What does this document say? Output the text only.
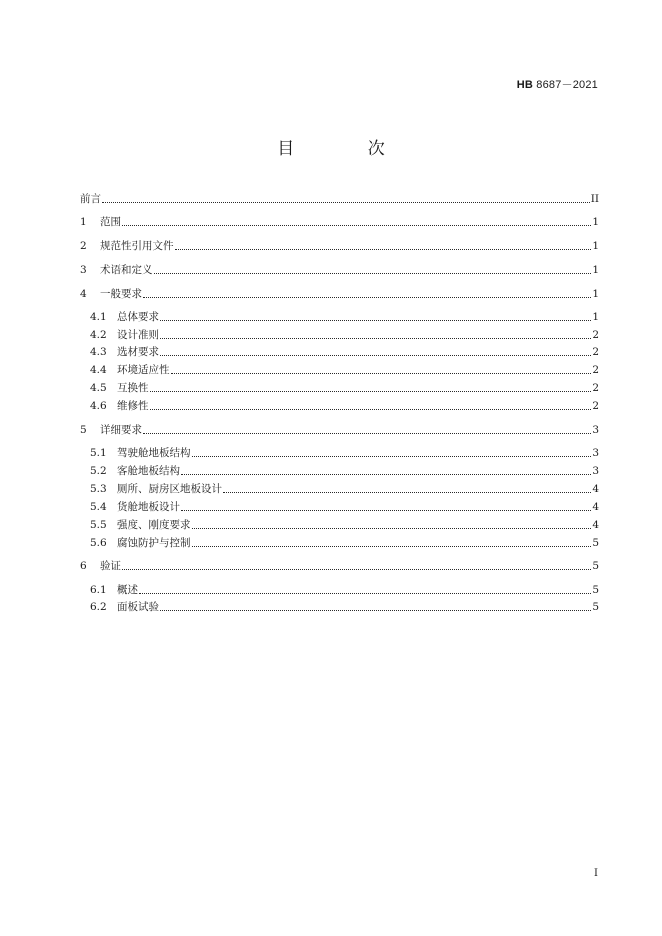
HB 8687－2021
目 次
前言	II
1	范围	1
2	规范性引用文件	1
3	术语和定义	1
4	一般要求	1
4.1 总体要求	1
4.2 设计准则	2
4.3 选材要求	2
4.4 环境适应性	2
4.5 互换性	2
4.6 维修性	2
5	详细要求	3
5.1 驾驶舱地板结构	3
5.2 客舱地板结构	3
5.3 厕所、厨房区地板设计	4
5.4 货舱地板设计	4
5.5 强度、刚度要求	4
5.6 腐蚀防护与控制	5
6	验证	5
6.1 概述	5
6.2 面板试验	5
I
